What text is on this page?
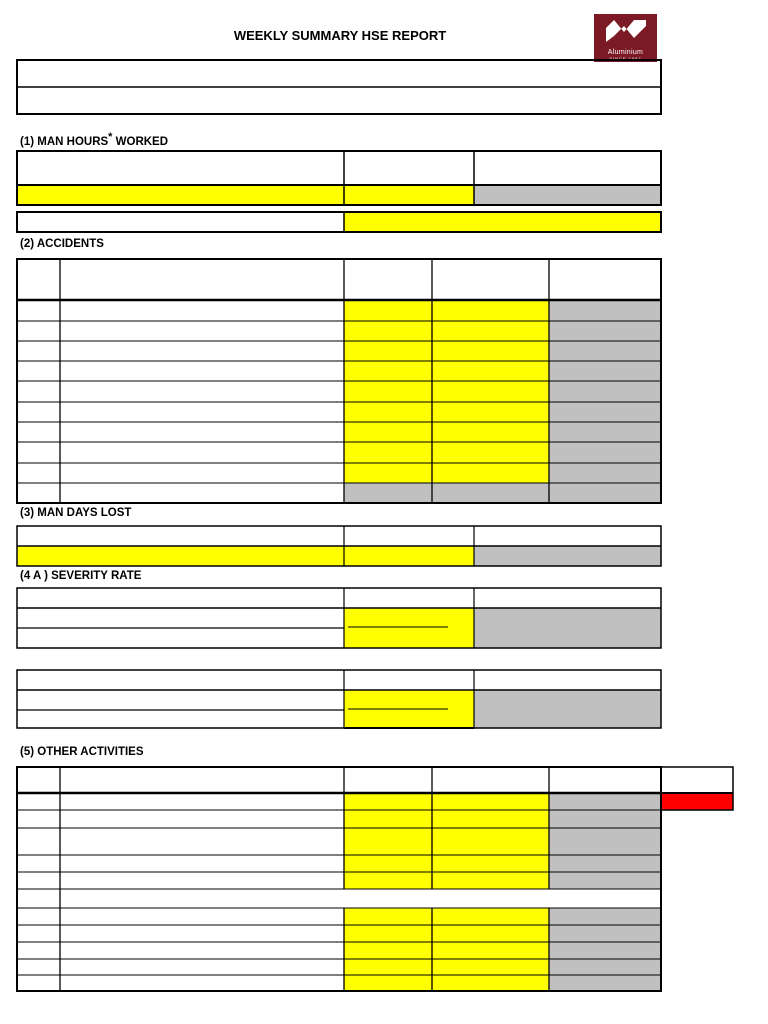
WEEKLY SUMMARY HSE REPORT
Aluminium
SINCE 1987
(1) MAN HOURS* WORKED
(2) ACCIDENTS
(3) MAN DAYS LOST
(4 A ) SEVERITY RATE
(5) OTHER ACTIVITIES
